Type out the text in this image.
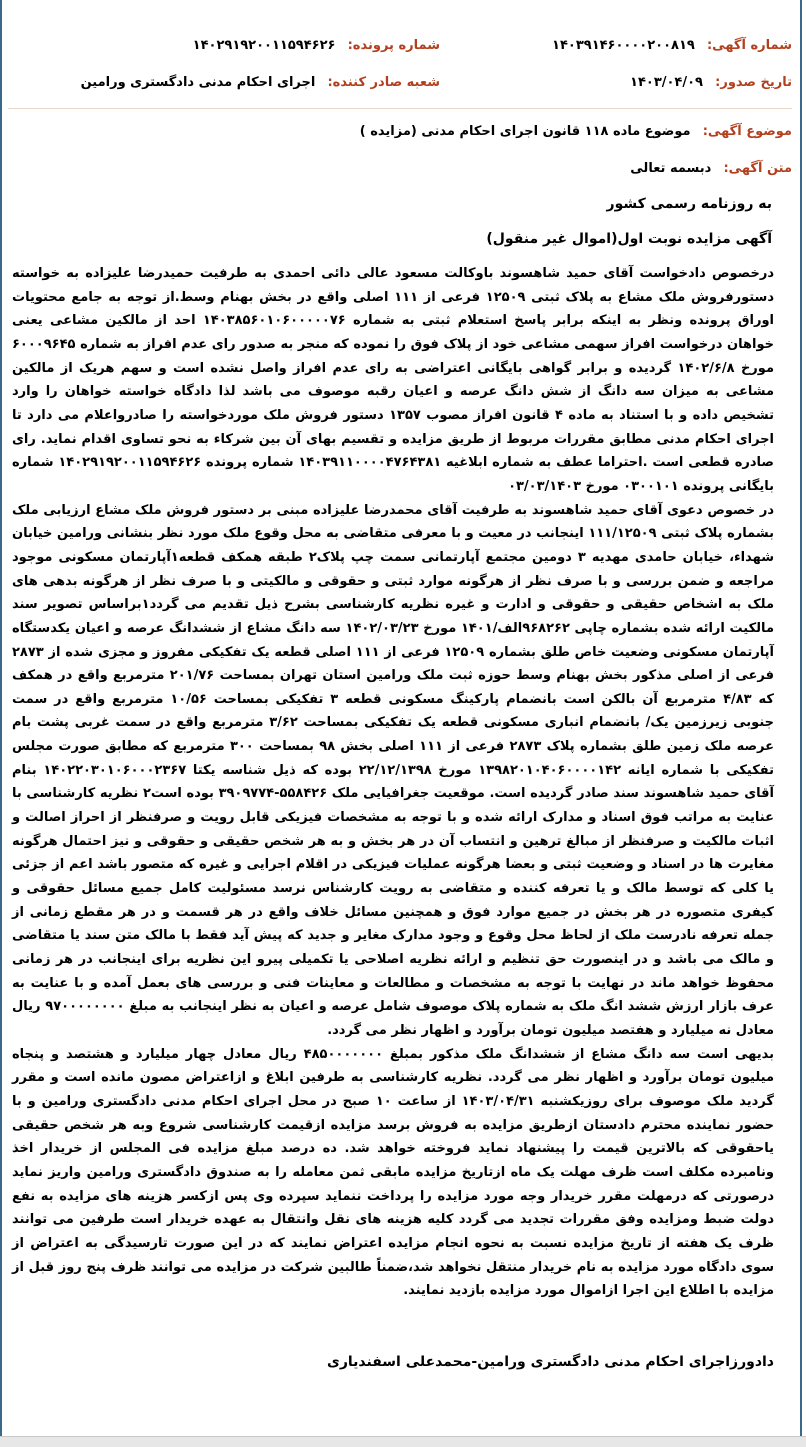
شماره آگهی: ۱۴۰۳۹۱۴۶۰۰۰۰۲۰۰۸۱۹
شماره پرونده: ۱۴۰۲۹۱۹۲۰۰۱۱۵۹۴۶۲۶
تاریخ صدور: ۱۴۰۳/۰۴/۰۹
شعبه صادر کننده: اجرای احکام مدنی دادگستری ورامین
موضوع آگهی: موضوع ماده ۱۱۸ قانون اجرای احکام مدنی (مزایده )
متن آگهی: دبسمه تعالی
به روزنامه رسمی کشور
آگهی مزایده نوبت اول(اموال غیر منقول)

درخصوص دادخواست آقای حمید شاهسوند باوکالت مسعود عالی دائی احمدی به طرفیت حمیدرضا علیزاده به خواسته دستورفروش ملک مشاع به پلاک ثبتی ۱۲۵۰۹ فرعی از ۱۱۱ اصلی واقع در بخش بهنام وسط.از توجه به جامع محتویات اوراق پرونده ونظر به اینکه برابر پاسخ استعلام ثبتی به شماره ۱۴۰۳۸۵۶۰۱۰۶۰۰۰۰۰۷۶ احد از مالکین مشاعی یعنی خواهان درخواست افراز سهمی مشاعی خود از پلاک فوق را نموده که منجر به صدور رای عدم افراز به شماره ۶۰۰۰۹۶۴۵ مورخ ۱۴۰۲/۶/۸ گردیده و برابر گواهی بایگانی اعتراضی به رای عدم افراز واصل نشده است و سهم هریک از مالکین مشاعی به میزان سه دانگ از شش دانگ عرصه و اعیان رقبه موصوف می باشد لذا دادگاه خواسته خواهان را وارد تشخیص داده و با استناد به ماده ۴ قانون افراز مصوب ۱۳۵۷ دستور فروش ملک موردخواسته را صادرواعلام می دارد تا اجرای احکام مدنی مطابق مقررات مربوط از طریق مزایده و تقسیم بهای آن بین شرکاء به نحو تساوی اقدام نماید. رای صادره قطعی است .احتراما عطف به شماره ابلاغیه ۱۴۰۳۹۱۱۰۰۰۰۴۷۶۴۳۸۱ شماره پرونده ۱۴۰۲۹۱۹۲۰۰۱۱۵۹۴۶۲۶ شماره بایگانی پرونده ۰۳۰۰۱۰۱ مورخ ۰۳/۰۳/۱۴۰۳

در خصوص دعوی آقای حمید شاهسوند به طرفیت آقای محمدرضا علیزاده مبنی بر دستور فروش ملک مشاع ارزیابی ملک بشماره پلاک ثبتی ۱۱۱/۱۲۵۰۹ اینجانب در معیت و با معرفی متقاضی به محل وقوع ملک مورد نظر بنشانی ورامین خیابان شهداء، خیابان حامدی مهدیه ۳ دومین مجتمع آپارتمانی سمت چپ پلاک۲ طبقه همکف قطعه۱آپارتمان مسکونی موجود مراجعه و ضمن بررسی و با صرف نظر از هرگونه موارد ثبتی و حقوقی و مالکیتی و با صرف نظر از هرگونه بدهی های ملک به اشخاص حقیقی و حقوقی و ادارت و غیره نظریه کارشناسی بشرح ذیل تقدیم می گردد۱براساس تصویر سند مالکیت ارائه شده بشماره چاپی ۹۶۸۲۶۲الف/۱۴۰۱ مورخ ۱۴۰۲/۰۳/۲۳ سه دانگ مشاع از ششدانگ عرصه و اعیان یکدستگاه آپارتمان مسکونی وضعیت خاص طلق بشماره ۱۲۵۰۹ فرعی از ۱۱۱ اصلی قطعه یک تفکیکی مفروز و مجزی شده از ۲۸۷۳ فرعی از اصلی مذکور بخش بهنام وسط حوزه ثبت ملک ورامین استان تهران بمساحت ۲۰۱/۷۶ مترمربع واقع در همکف که ۴/۸۳ مترمربع آن بالکن است بانضمام پارکینگ مسکونی قطعه ۳ تفکیکی بمساحت ۱۰/۵۶ مترمربع واقع در سمت جنوبی زیرزمین یک/ بانضمام انباری مسکونی قطعه یک تفکیکی بمساحت ۳/۶۲ مترمربع واقع در سمت غربی پشت بام عرصه ملک زمین طلق بشماره پلاک ۲۸۷۳ فرعی از ۱۱۱ اصلی بخش ۹۸ بمساحت ۳۰۰ مترمربع که مطابق صورت مجلس تفکیکی با شماره ایانه ۱۳۹۸۲۰۱۰۴۰۶۰۰۰۰۱۴۲ مورخ ۲۲/۱۲/۱۳۹۸ بوده که ذیل شناسه یکتا ۱۴۰۲۲۰۳۰۱۰۶۰۰۰۲۳۶۷ بنام آقای حمید شاهسوند سند صادر گردیده است. موقعیت جغرافیایی ملک ۵۵۸۴۲۶-۳۹۰۹۷۷۴ بوده است۲ نظریه کارشناسی با عنایت به مراتب فوق اسناد و مدارک ارائه شده و با توجه به مشخصات فیزیکی قابل رویت و صرفنظر از احراز اصالت و اثبات مالکیت و صرفنظر از مبالغ ترهین و انتساب آن در هر بخش و به هر شخص حقیقی و حقوقی و نیز احتمال هرگونه مغایرت ها در اسناد و وضعیت ثبتی و بعضا هرگونه عملیات فیزیکی در اقلام اجرایی و غیره که متصور باشد اعم از جزئی یا کلی که توسط مالک و یا تعرفه کننده و متقاضی به رویت کارشناس نرسد مسئولیت کامل جمیع مسائل حقوقی و کیفری متصوره در هر بخش در جمیع موارد فوق و همچنین مسائل خلاف واقع در هر قسمت و در هر مقطع زمانی از جمله تعرفه نادرست ملک از لحاظ محل وقوع و وجود مدارک مغایر و جدید که پیش آید فقط با مالک متن سند یا متقاضی و مالک می باشد و در اینصورت حق تنظیم و ارائه نظریه اصلاحی یا تکمیلی پیرو این نظریه برای اینجانب در هر زمانی محفوظ خواهد ماند در نهایت با توجه به مشخصات و مطالعات و معاینات فنی و بررسی های بعمل آمده و با عنایت به عرف بازار ارزش ششد انگ ملک به شماره پلاک موصوف شامل عرصه و اعیان به نظر اینجانب به مبلغ ۹۷۰۰۰۰۰۰۰۰ ریال معادل نه میلیارد و هفتصد میلیون تومان برآورد و اظهار نظر می گردد.

بدیهی است سه دانگ مشاع از ششدانگ ملک مذکور بمبلغ ۴۸۵۰۰۰۰۰۰۰ ریال معادل چهار میلیارد و هشتصد و پنجاه میلیون تومان برآورد و اظهار نظر می گردد. نظریه کارشناسی به طرفین ابلاغ و ازاعتراض مصون مانده است و مقرر گردید ملک موصوف برای روزیکشنبه ۱۴۰۳/۰۴/۳۱ از ساعت ۱۰ صبح در محل اجرای احکام مدنی دادگستری ورامین و با حضور نماینده محترم دادستان ازطریق مزایده به فروش برسد مزایده ازقیمت کارشناسی شروع وبه هر شخص حقیقی یاحقوقی که بالاترین قیمت را پیشنهاد نماید فروخته خواهد شد. ده درصد مبلغ مزایده فی المجلس از خریدار اخذ ونامبرده مکلف است ظرف مهلت یک ماه ازتاریخ مزایده مابقی ثمن معامله را به صندوق دادگستری ورامین واریز نماید درصورتی که درمهلت مقرر خریدار وجه مورد مزایده را پرداخت ننماید سپرده وی پس ازکسر هزینه های مزایده به نفع دولت ضبط ومزایده وفق مقررات تجدید می گردد کلیه هزینه های نقل وانتقال به عهده خریدار است طرفین می توانند ظرف یک هفته از تاریخ مزایده نسبت به نحوه انجام مزایده اعتراض نمایند که در این صورت تارسیدگی به اعتراض از سوی دادگاه مورد مزایده به نام خریدار منتقل نخواهد شد،ضمناً طالبین شرکت در مزایده می توانند ظرف پنج روز قبل از مزایده با اطلاع این اجرا ازاموال مورد مزایده بازدید نمایند.

دادورزاجرای احکام مدنی دادگستری ورامین-محمدعلی اسفندیاری
